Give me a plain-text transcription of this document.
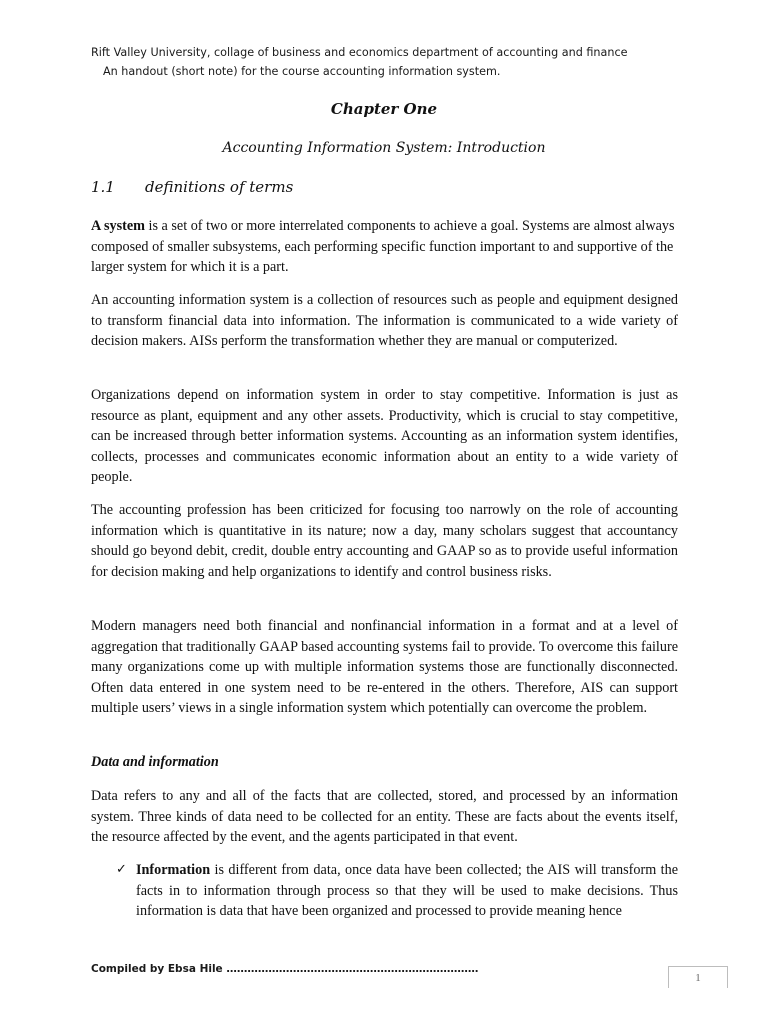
Rift Valley University, collage of business and economics department of accounting and finance
An handout (short note) for the course accounting information system.
Chapter One
Accounting Information System: Introduction
1.1 definitions of terms

A system is a set of two or more interrelated components to achieve a goal. Systems are almost always composed of smaller subsystems, each performing specific function important to and supportive of the larger system for which it is a part.

An accounting information system is a collection of resources such as people and equipment designed to transform financial data into information. The information is communicated to a wide variety of decision makers. AISs perform the transformation whether they are manual or computerized.

Organizations depend on information system in order to stay competitive. Information is just as resource as plant, equipment and any other assets. Productivity, which is crucial to stay competitive, can be increased through better information systems. Accounting as an information system identifies, collects, processes and communicates economic information about an entity to a wide variety of people.

The accounting profession has been criticized for focusing too narrowly on the role of accounting information which is quantitative in its nature; now a day, many scholars suggest that accountancy should go beyond debit, credit, double entry accounting and GAAP so as to provide useful information for decision making and help organizations to identify and control business risks.

Modern managers need both financial and nonfinancial information in a format and at a level of aggregation that traditionally GAAP based accounting systems fail to provide. To overcome this failure many organizations come up with multiple information systems those are functionally disconnected. Often data entered in one system need to be re-entered in the others. Therefore, AIS can support multiple users’ views in a single information system which potentially can overcome the problem.

Data and information

Data refers to any and all of the facts that are collected, stored, and processed by an information system. Three kinds of data need to be collected for an entity. These are facts about the events itself, the resource affected by the event, and the agents participated in that event.

✓ Information is different from data, once data have been collected; the AIS will transform the facts in to information through process so that they will be used to make decisions. Thus information is data that have been organized and processed to provide meaning hence

Compiled by Ebsa Hile ………………………………………………………………
1
